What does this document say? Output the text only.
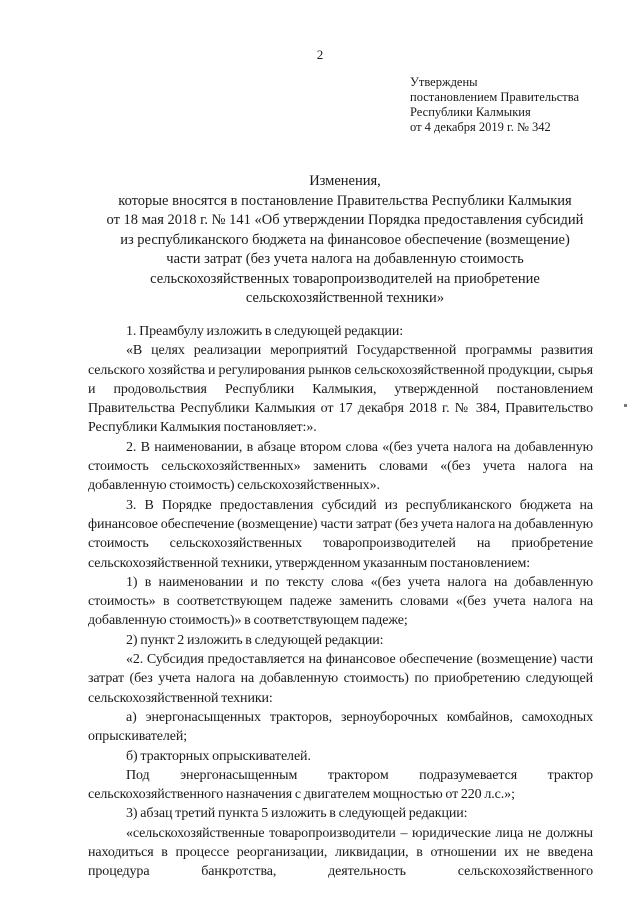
2
Утверждены
постановлением Правительства
Республики Калмыкия
от 4 декабря 2019 г. № 342
Изменения,
которые вносятся в постановление Правительства Республики Калмыкия
от 18 мая 2018 г. № 141 «Об утверждении Порядка предоставления субсидий
из республиканского бюджета на финансовое обеспечение (возмещение)
части затрат (без учета налога на добавленную стоимость
сельскохозяйственных товаропроизводителей на приобретение
сельскохозяйственной техники»

1. Преамбулу изложить в следующей редакции:

«В целях реализации мероприятий Государственной программы развития сельского хозяйства и регулирования рынков сельскохозяйственной продукции, сырья и продовольствия Республики Калмыкия, утвержденной постановлением Правительства Республики Калмыкия от 17 декабря 2018 г. № 384, Правительство Республики Калмыкия постановляет:».

2. В наименовании, в абзаце втором слова «(без учета налога на добавленную стоимость сельскохозяйственных» заменить словами «(без учета налога на добавленную стоимость) сельскохозяйственных».

3. В Порядке предоставления субсидий из республиканского бюджета на финансовое обеспечение (возмещение) части затрат (без учета налога на добавленную стоимость сельскохозяйственных товаропроизводителей на приобретение сельскохозяйственной техники, утвержденном указанным постановлением:

1) в наименовании и по тексту слова «(без учета налога на добавленную стоимость» в соответствующем падеже заменить словами «(без учета налога на добавленную стоимость)» в соответствующем падеже;

2) пункт 2 изложить в следующей редакции:

«2. Субсидия предоставляется на финансовое обеспечение (возмещение) части затрат (без учета налога на добавленную стоимость) по приобретению следующей сельскохозяйственной техники:

а) энергонасыщенных тракторов, зерноуборочных комбайнов, самоходных опрыскивателей;

б) тракторных опрыскивателей.

Под энергонасыщенным трактором подразумевается трактор сельскохозяйственного назначения с двигателем мощностью от 220 л.с.»;

3) абзац третий пункта 5 изложить в следующей редакции:

«сельскохозяйственные товаропроизводители – юридические лица не должны находиться в процессе реорганизации, ликвидации, в отношении их не введена процедура банкротства, деятельность сельскохозяйственного
